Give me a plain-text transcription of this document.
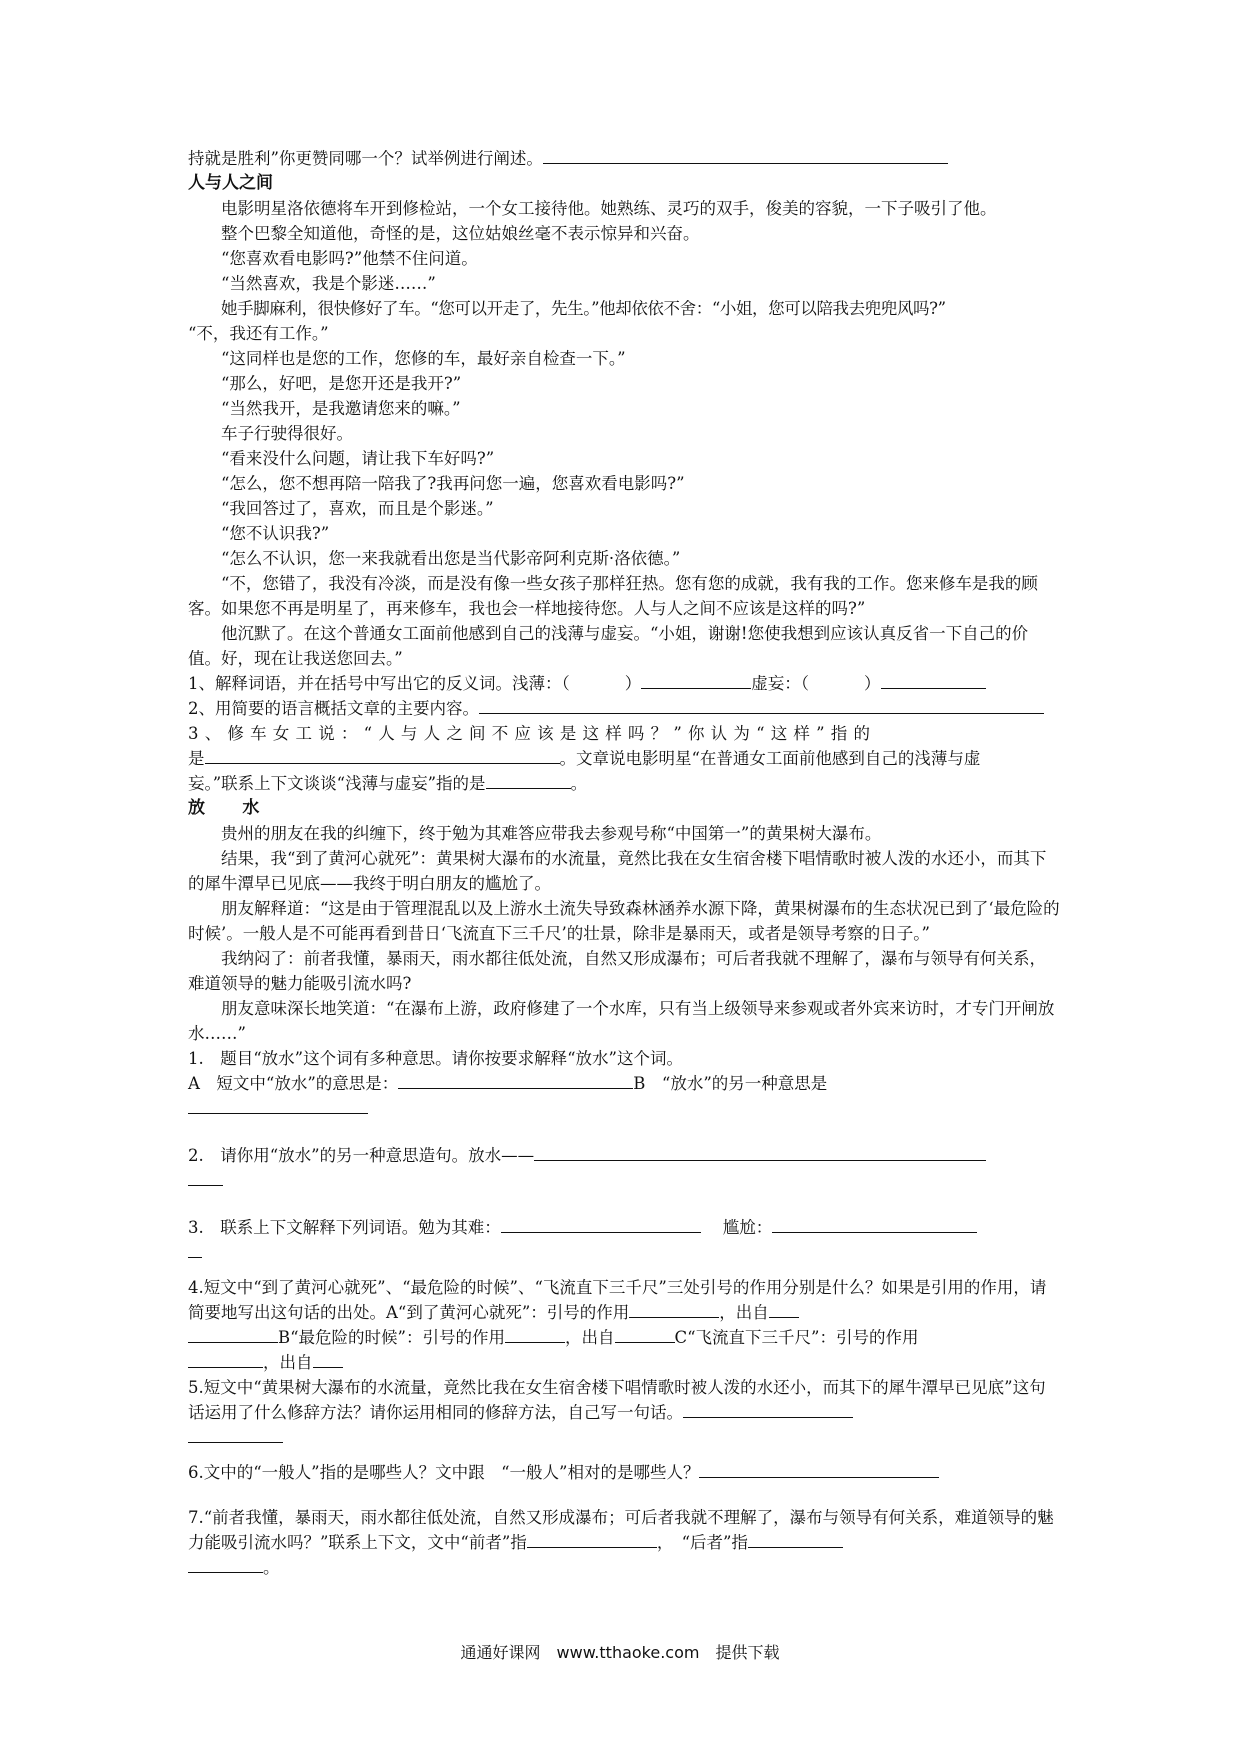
持就是胜利”你更赞同哪一个？试举例进行阐述。

人与人之间

电影明星洛依德将车开到修检站，一个女工接待他。她熟练、灵巧的双手，俊美的容貌，一下子吸引了他。

整个巴黎全知道他，奇怪的是，这位姑娘丝毫不表示惊异和兴奋。

“您喜欢看电影吗?”他禁不住问道。

“当然喜欢，我是个影迷……”

她手脚麻利，很快修好了车。“您可以开走了，先生。”他却依依不舍：“小姐，您可以陪我去兜兜风吗?”

“不，我还有工作。”

“这同样也是您的工作，您修的车，最好亲自检查一下。”

“那么，好吧，是您开还是我开?”

“当然我开，是我邀请您来的嘛。”

车子行驶得很好。

“看来没什么问题，请让我下车好吗?”

“怎么，您不想再陪一陪我了?我再问您一遍，您喜欢看电影吗?”

“我回答过了，喜欢，而且是个影迷。”

“您不认识我?”

“怎么不认识，您一来我就看出您是当代影帝阿利克斯·洛依德。”

“不，您错了，我没有冷淡，而是没有像一些女孩子那样狂热。您有您的成就，我有我的工作。您来修车是我的顾客。如果您不再是明星了，再来修车，我也会一样地接待您。人与人之间不应该是这样的吗?”

他沉默了。在这个普通女工面前他感到自己的浅薄与虚妄。“小姐，谢谢!您使我想到应该认真反省一下自己的价值。好，现在让我送您回去。”

1、解释词语，并在括号中写出它的反义词。浅薄：（	）	虚妄：（	）

2、用简要的语言概括文章的主要内容。

3、修车女工说：“人与人之间不应该是这样吗？”你认为“这样”指的

是	。文章说电影明星“在普通女工面前他感到自己的浅薄与虚

妄。”联系上下文谈谈“浅薄与虚妄”指的是	。

放 水

贵州的朋友在我的纠缠下，终于勉为其难答应带我去参观号称“中国第一”的黄果树大瀑布。

结果，我“到了黄河心就死”：黄果树大瀑布的水流量，竟然比我在女生宿舍楼下唱情歌时被人泼的水还小，而其下的犀牛潭早已见底——我终于明白朋友的尴尬了。

朋友解释道：“这是由于管理混乱以及上游水土流失导致森林涵养水源下降，黄果树瀑布的生态状况已到了‘最危险的时候’。一般人是不可能再看到昔日‘飞流直下三千尺’的壮景，除非是暴雨天，或者是领导考察的日子。”

我纳闷了：前者我懂，暴雨天，雨水都往低处流，自然又形成瀑布；可后者我就不理解了，瀑布与领导有何关系，难道领导的魅力能吸引流水吗?

朋友意味深长地笑道：“在瀑布上游，政府修建了一个水库，只有当上级领导来参观或者外宾来访时，才专门开闸放水……”

1.　题目“放水”这个词有多种意思。请你按要求解释“放水”这个词。

A　短文中“放水”的意思是：	B　“放水”的另一种意思是

2.　请你用“放水”的另一种意思造句。放水——

3.　联系上下文解释下列词语。勉为其难：	尴尬：

4.短文中“到了黄河心就死”、“最危险的时候”、“飞流直下三千尺”三处引号的作用分别是什么？如果是引用的作用，请简要地写出这句话的出处。A“到了黄河心就死”：引号的作用	，出自
B“最危险的时候”：引号的作用	，出自	C“飞流直下三千尺”：引号的作用
，出自

5.短文中“黄果树大瀑布的水流量，竟然比我在女生宿舍楼下唱情歌时被人泼的水还小，而其下的犀牛潭早已见底”这句话运用了什么修辞方法？请你运用相同的修辞方法，自己写一句话。

6.文中的“一般人”指的是哪些人？文中跟　“一般人”相对的是哪些人？

7.“前者我懂，暴雨天，雨水都往低处流，自然又形成瀑布；可后者我就不理解了，瀑布与领导有何关系，难道领导的魅力能吸引流水吗？”联系上下文，文中“前者”指	，　“后者”指
。

通通好课网　www.tthaoke.com　提供下载
